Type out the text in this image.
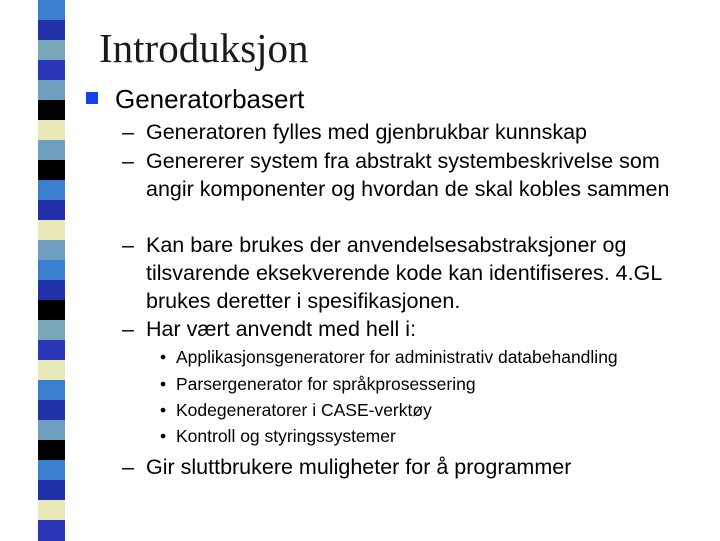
Introduksjon
Generatorbasert
– Generatoren fylles med gjenbrukbar kunnskap
– Genererer system fra abstrakt systembeskrivelse som angir komponenter og hvordan de skal kobles sammen
– Kan bare brukes der anvendelsesabstraksjoner og tilsvarende eksekverende kode kan identifiseres. 4.GL brukes deretter i spesifikasjonen.
– Har vært anvendt med hell i:
• Applikasjonsgeneratorer for administrativ databehandling
• Parsergenerator for språkprosessering
• Kodegeneratorer i CASE-verktøy
• Kontroll og styringssystemer
– Gir sluttbrukere muligheter for å programmer
